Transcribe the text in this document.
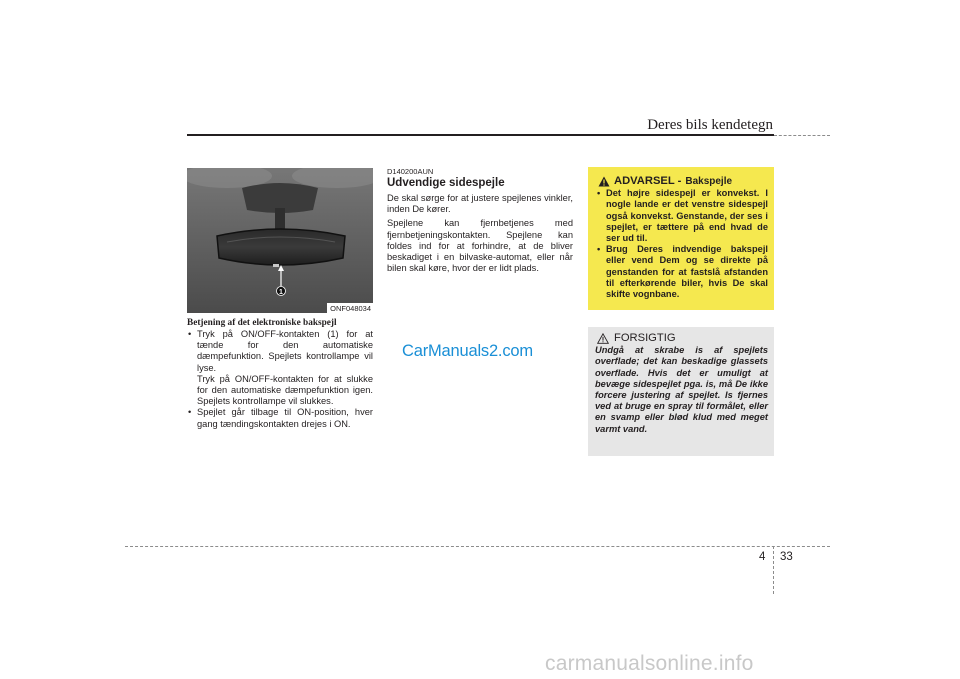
Deres bils kendetegn
1
ONF048034
Betjening af det elektroniske bakspejl
• Tryk på ON/OFF-kontakten (1) for at tænde for den automatiske dæmpefunktion. Spejlets kontrollampe vil lyse.
Tryk på ON/OFF-kontakten for at slukke for den automatiske dæmpefunktion igen. Spejlets kontrollampe vil slukkes.
• Spejlet går tilbage til ON-position, hver gang tændingskontakten drejes i ON.
D140200AUN
Udvendige sidespejle

De skal sørge for at justere spejlenes vinkler, inden De kører.

Spejlene kan fjernbetjenes med fjernbetjeningskontakten. Spejlene kan foldes ind for at forhindre, at de bliver beskadiget i en bilvaske-automat, eller når bilen skal køre, hvor der er lidt plads.

ADVARSEL - Bakspejle
• Det højre sidespejl er konvekst. I nogle lande er det venstre sidespejl også konvekst. Genstande, der ses i spejlet, er tættere på end hvad de ser ud til.
• Brug Deres indvendige bakspejl eller vend Dem og se direkte på genstanden for at fastslå afstanden til efterkørende biler, hvis De skal skifte vognbane.
FORSIGTIG
Undgå at skrabe is af spejlets overflade; det kan beskadige glassets overflade. Hvis det er umuligt at bevæge sidespejlet pga. is, må De ikke forcere justering af spejlet. Is fjernes ved at bruge en spray til formålet, eller en svamp eller blød klud med meget varmt vand.
CarManuals2.com
4 33
carmanualsonline.info
